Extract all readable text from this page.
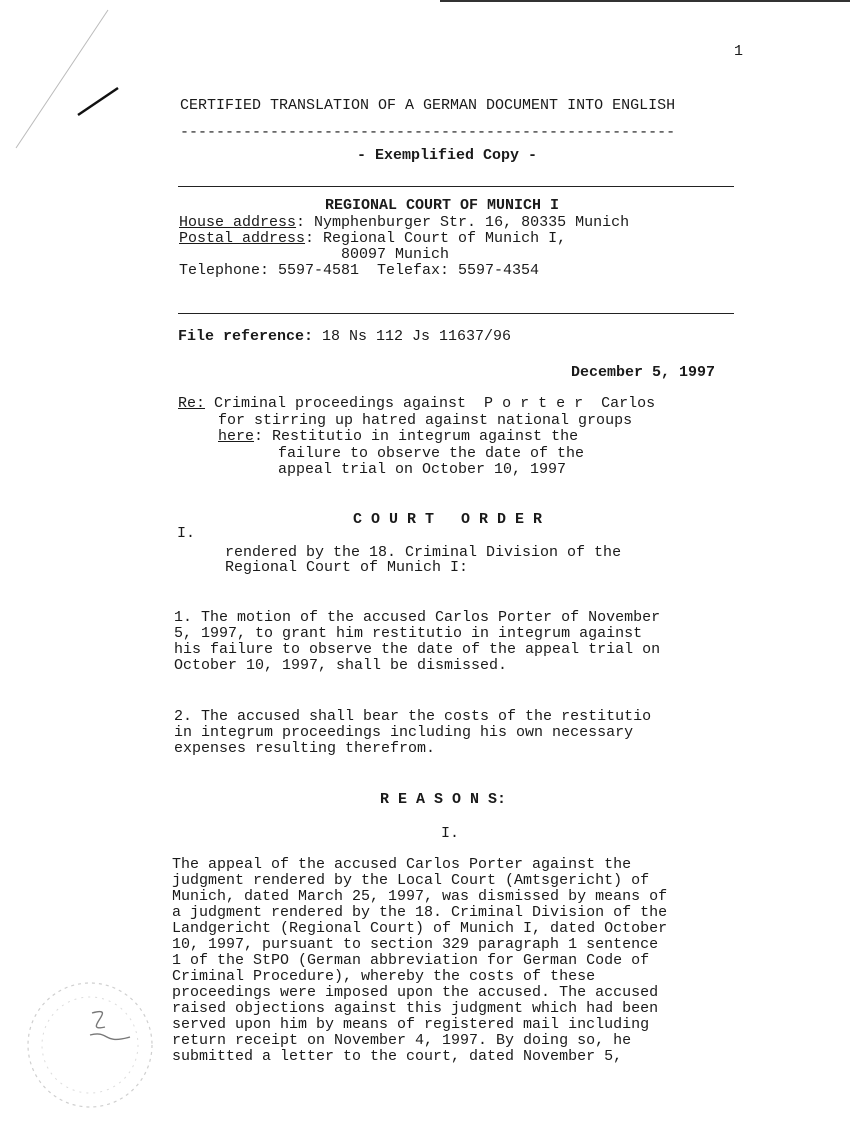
1
CERTIFIED TRANSLATION OF A GERMAN DOCUMENT INTO ENGLISH
-------------------------------------------------------
- Exemplified Copy -
REGIONAL COURT OF MUNICH I
House address: Nymphenburger Str. 16, 80335 Munich
Postal address: Regional Court of Munich I,
80097 Munich
Telephone: 5597-4581  Telefax: 5597-4354
File reference: 18 Ns 112 Js 11637/96
December 5, 1997
Re: Criminal proceedings against  P o r t e r  Carlos
for stirring up hatred against national groups
here: Restitutio in integrum against the
failure to observe the date of the
appeal trial on October 10, 1997
C O U R T   O R D E R
I.
rendered by the 18. Criminal Division of the
Regional Court of Munich I:
1. The motion of the accused Carlos Porter of November
5, 1997, to grant him restitutio in integrum against
his failure to observe the date of the appeal trial on
October 10, 1997, shall be dismissed.
2. The accused shall bear the costs of the restitutio
in integrum proceedings including his own necessary
expenses resulting therefrom.
R E A S O N S:
I.
The appeal of the accused Carlos Porter against the
judgment rendered by the Local Court (Amtsgericht) of
Munich, dated March 25, 1997, was dismissed by means of
a judgment rendered by the 18. Criminal Division of the
Landgericht (Regional Court) of Munich I, dated October
10, 1997, pursuant to section 329 paragraph 1 sentence
1 of the StPO (German abbreviation for German Code of
Criminal Procedure), whereby the costs of these
proceedings were imposed upon the accused. The accused
raised objections against this judgment which had been
served upon him by means of registered mail including
return receipt on November 4, 1997. By doing so, he
submitted a letter to the court, dated November 5,
